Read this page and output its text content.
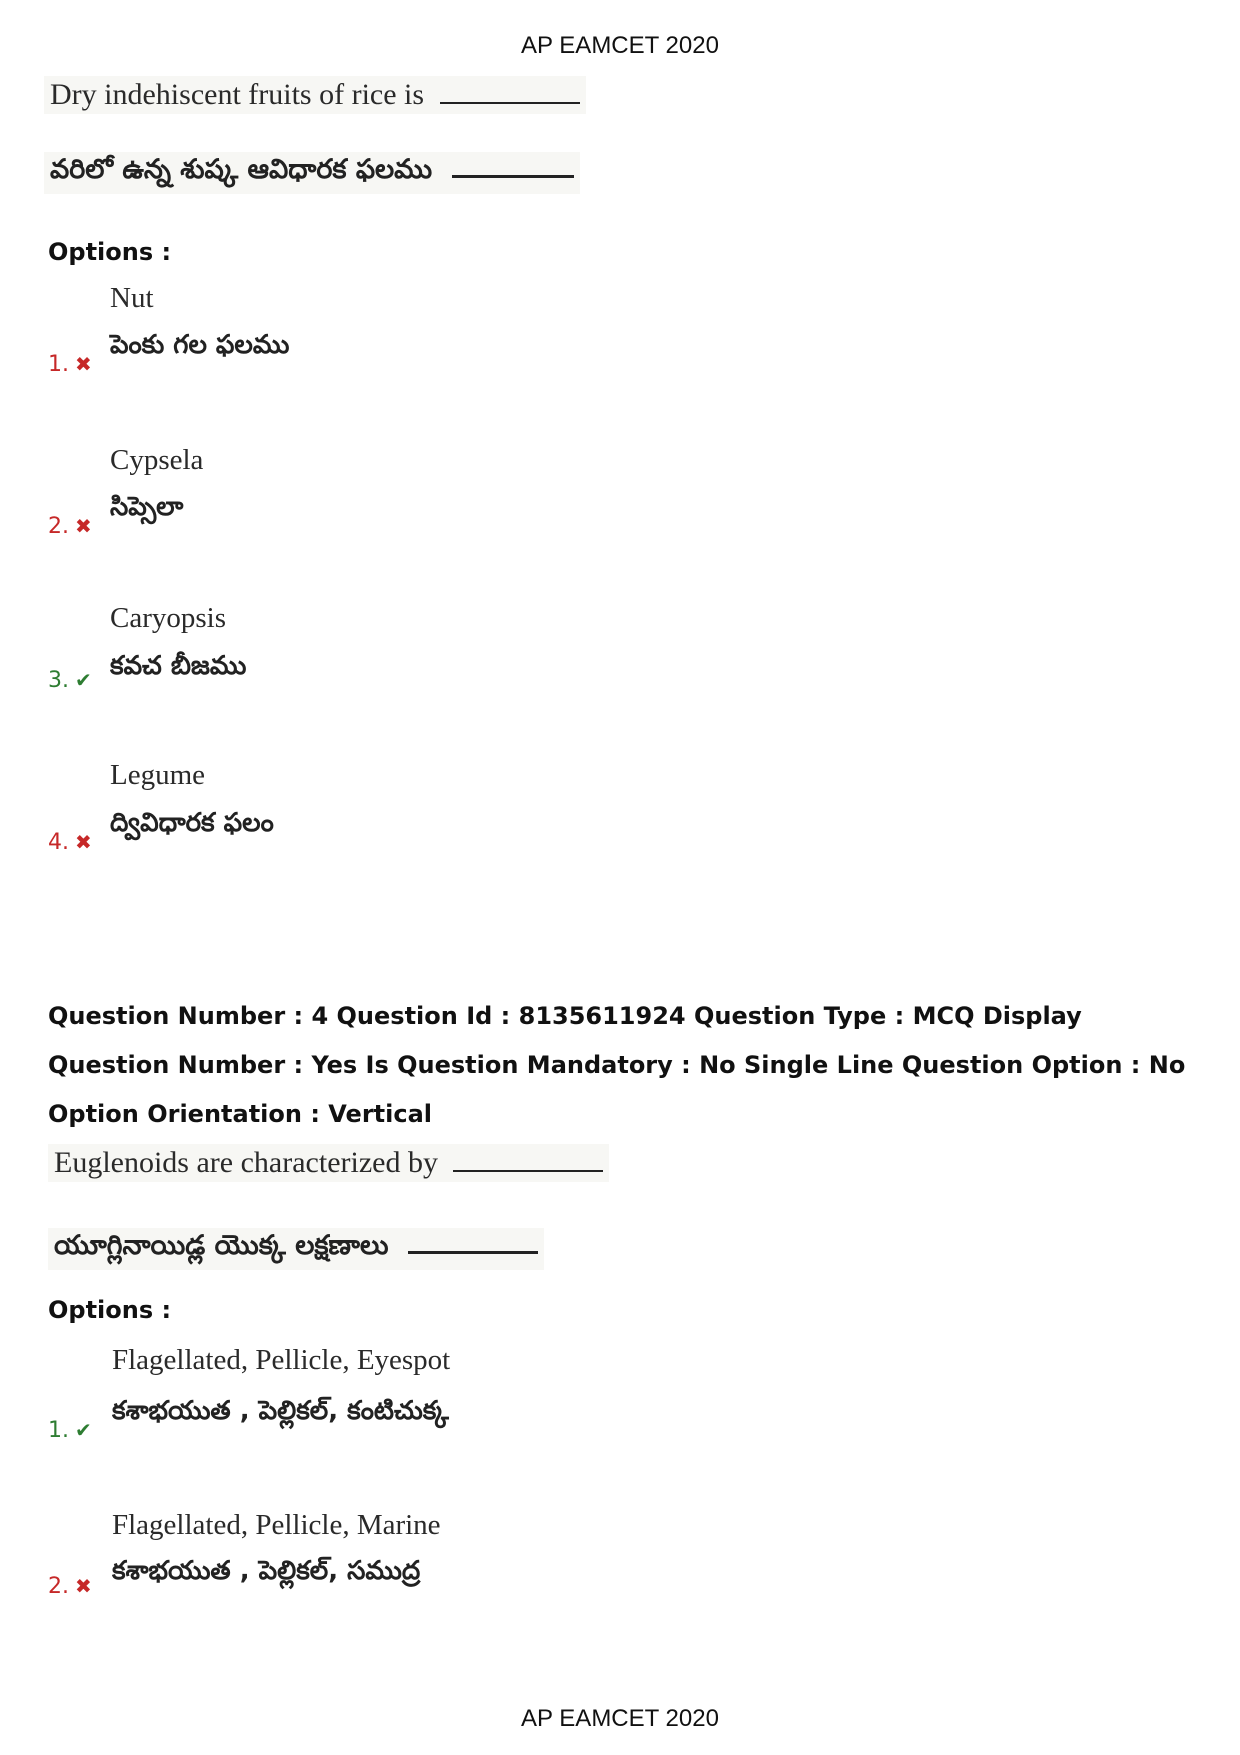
AP EAMCET 2020
Dry indehiscent fruits of rice is
వరిలో ఉన్న శుష్క ఆవిధారక ఫలము
Options :
Nut
పెంకు గల ఫలము
1. ✖
Cypsela
సిప్సెలా
2. ✖
Caryopsis
కవచ బీజము
3. ✔
Legume
ద్వివిధారక ఫలం
4. ✖
Question Number : 4 Question Id : 8135611924 Question Type : MCQ Display Question Number : Yes Is Question Mandatory : No Single Line Question Option : No Option Orientation : Vertical
Euglenoids are characterized by
యూగ్లినాయిడ్ల యొక్క లక్షణాలు
Options :
Flagellated, Pellicle, Eyespot
కశాభయుత , పెల్లికల్, కంటిచుక్క
1. ✔
Flagellated, Pellicle, Marine
కశాభయుత , పెల్లికల్, సముద్ర
2. ✖
AP EAMCET 2020
